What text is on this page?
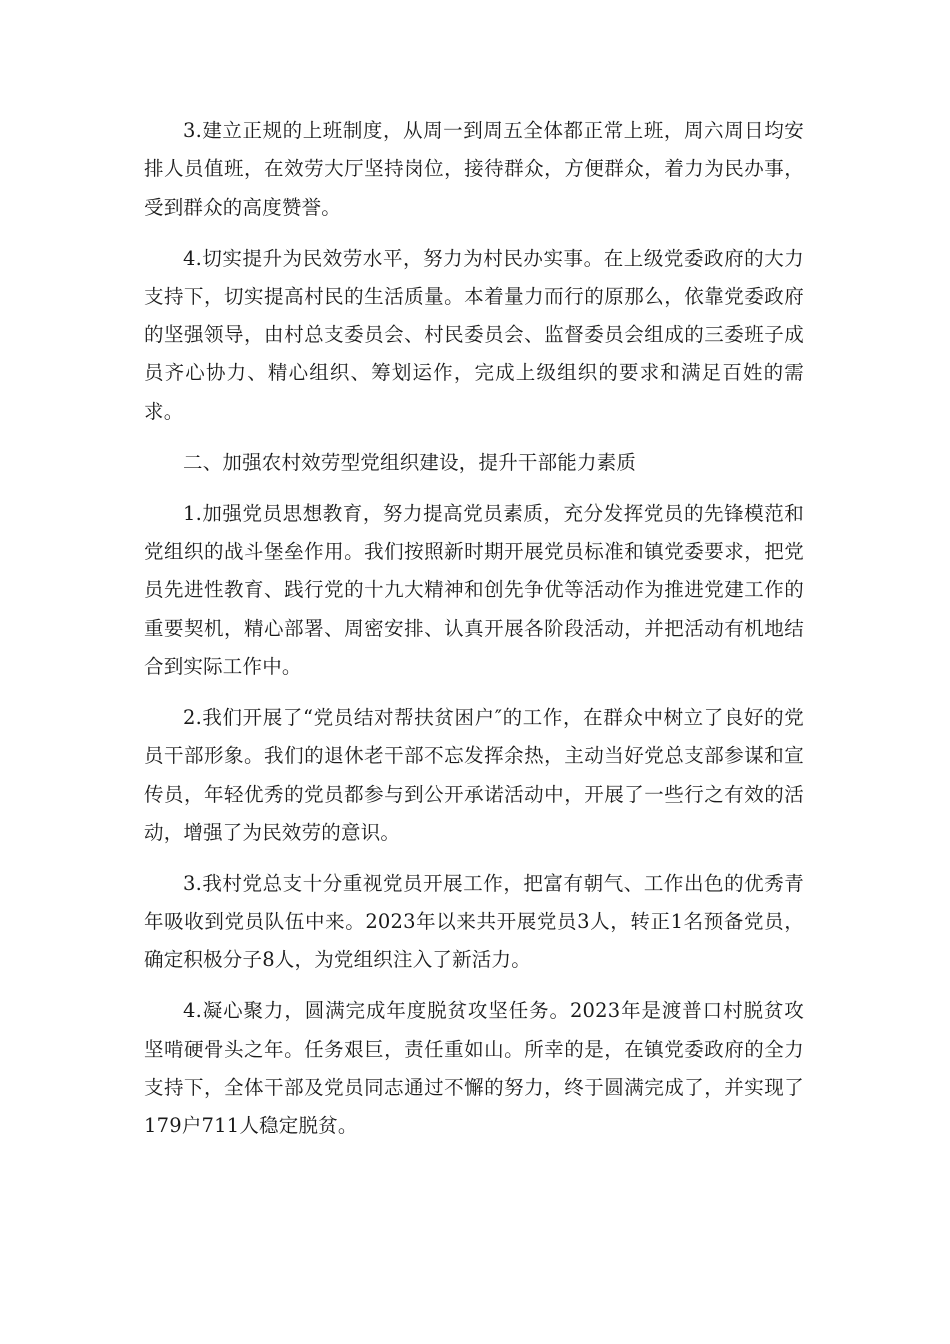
3.建立正规的上班制度，从周一到周五全体都正常上班，周六周日均安排人员值班，在效劳大厅坚持岗位，接待群众，方便群众，着力为民办事，受到群众的高度赞誉。

4.切实提升为民效劳水平，努力为村民办实事。在上级党委政府的大力支持下，切实提高村民的生活质量。本着量力而行的原那么，依靠党委政府的坚强领导，由村总支委员会、村民委员会、监督委员会组成的三委班子成员齐心协力、精心组织、筹划运作，完成上级组织的要求和满足百姓的需求。

二、加强农村效劳型党组织建设，提升干部能力素质

1.加强党员思想教育，努力提高党员素质，充分发挥党员的先锋模范和党组织的战斗堡垒作用。我们按照新时期开展党员标准和镇党委要求，把党员先进性教育、践行党的十九大精神和创先争优等活动作为推进党建工作的重要契机，精心部署、周密安排、认真开展各阶段活动，并把活动有机地结合到实际工作中。

2.我们开展了“党员结对帮扶贫困户″的工作，在群众中树立了良好的党员干部形象。我们的退休老干部不忘发挥余热，主动当好党总支部参谋和宣传员，年轻优秀的党员都参与到公开承诺活动中，开展了一些行之有效的活动，增强了为民效劳的意识。

3.我村党总支十分重视党员开展工作，把富有朝气、工作出色的优秀青年吸收到党员队伍中来。2023年以来共开展党员3人，转正1名预备党员，确定积极分子8人，为党组织注入了新活力。

4.凝心聚力，圆满完成年度脱贫攻坚任务。2023年是渡普口村脱贫攻坚啃硬骨头之年。任务艰巨，责任重如山。所幸的是，在镇党委政府的全力支持下，全体干部及党员同志通过不懈的努力，终于圆满完成了，并实现了179户711人稳定脱贫。
